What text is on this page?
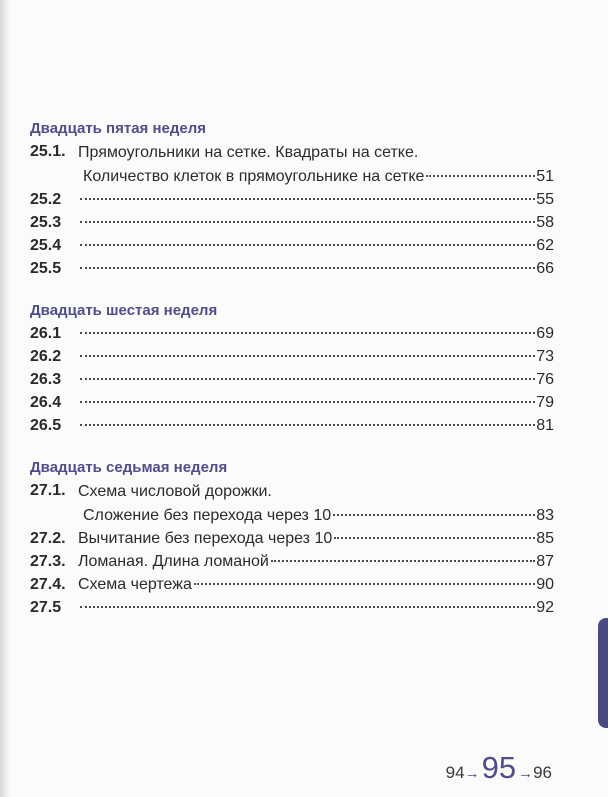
Двадцать пятая неделя
25.1. Прямоугольники на сетке. Квадраты на сетке.
Количество клеток в прямоугольнике на сетке	51
25.2	55
25.3	58
25.4	62
25.5	66
Двадцать шестая неделя
26.1	69
26.2	73
26.3	76
26.4	79
26.5	81
Двадцать седьмая неделя
27.1. Схема числовой дорожки.
Сложение без перехода через 10	83
27.2. Вычитание без перехода через 10	85
27.3. Ломаная. Длина ломаной	87
27.4. Схема чертежа	90
27.5	92
94 → 95 → 96
